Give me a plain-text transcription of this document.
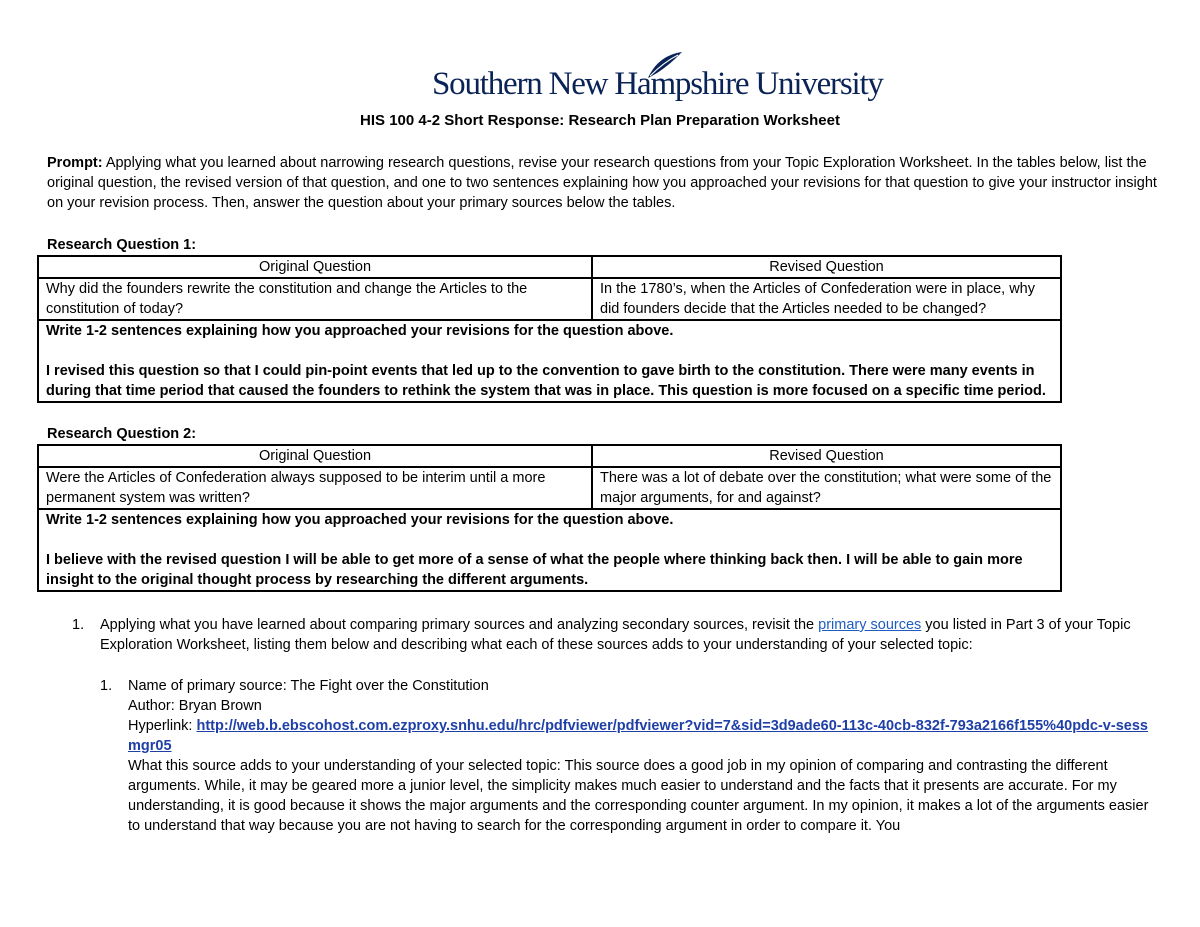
Southern New Hampshire University
HIS 100 4-2 Short Response: Research Plan Preparation Worksheet
Prompt: Applying what you learned about narrowing research questions, revise your research questions from your Topic Exploration Worksheet. In the tables below, list the original question, the revised version of that question, and one to two sentences explaining how you approached your revisions for that question to give your instructor insight on your revision process. Then, answer the question about your primary sources below the tables.
Research Question 1:
Original Question	Revised Question
Why did the founders rewrite the constitution and change the Articles to the constitution of today?	In the 1780’s, when the Articles of Confederation were in place, why did founders decide that the Articles needed to be changed?

Write 1-2 sentences explaining how you approached your revisions for the question above.
I revised this question so that I could pin-point events that led up to the convention to gave birth to the constitution. There were many events in during that time period that caused the founders to rethink the system that was in place. This question is more focused on a specific time period.	
Research Question 2:
Original Question	Revised Question
Were the Articles of Confederation always supposed to be interim until a more permanent system was written?	There was a lot of debate over the constitution; what were some of the major arguments, for and against?

Write 1-2 sentences explaining how you approached your revisions for the question above.
I believe with the revised question I will be able to get more of a sense of what the people where thinking back then. I will be able to gain more insight to the original thought process by researching the different arguments.	
1. Applying what you have learned about comparing primary sources and analyzing secondary sources, revisit the primary sources you listed in Part 3 of your Topic Exploration Worksheet, listing them below and describing what each of these sources adds to your understanding of your selected topic:
1. Name of primary source: The Fight over the Constitution
Author: Bryan Brown
Hyperlink: http://web.b.ebscohost.com.ezproxy.snhu.edu/hrc/pdfviewer/pdfviewer?vid=7&sid=3d9ade60-113c-40cb-832f-793a2166f155%40pdc-v-sessmgr05
What this source adds to your understanding of your selected topic: This source does a good job in my opinion of comparing and contrasting the different arguments. While, it may be geared more a junior level, the simplicity makes much easier to understand and the facts that it presents are accurate. For my understanding, it is good because it shows the major arguments and the corresponding counter argument. In my opinion, it makes a lot of the arguments easier to understand that way because you are not having to search for the corresponding argument in order to compare it. You
